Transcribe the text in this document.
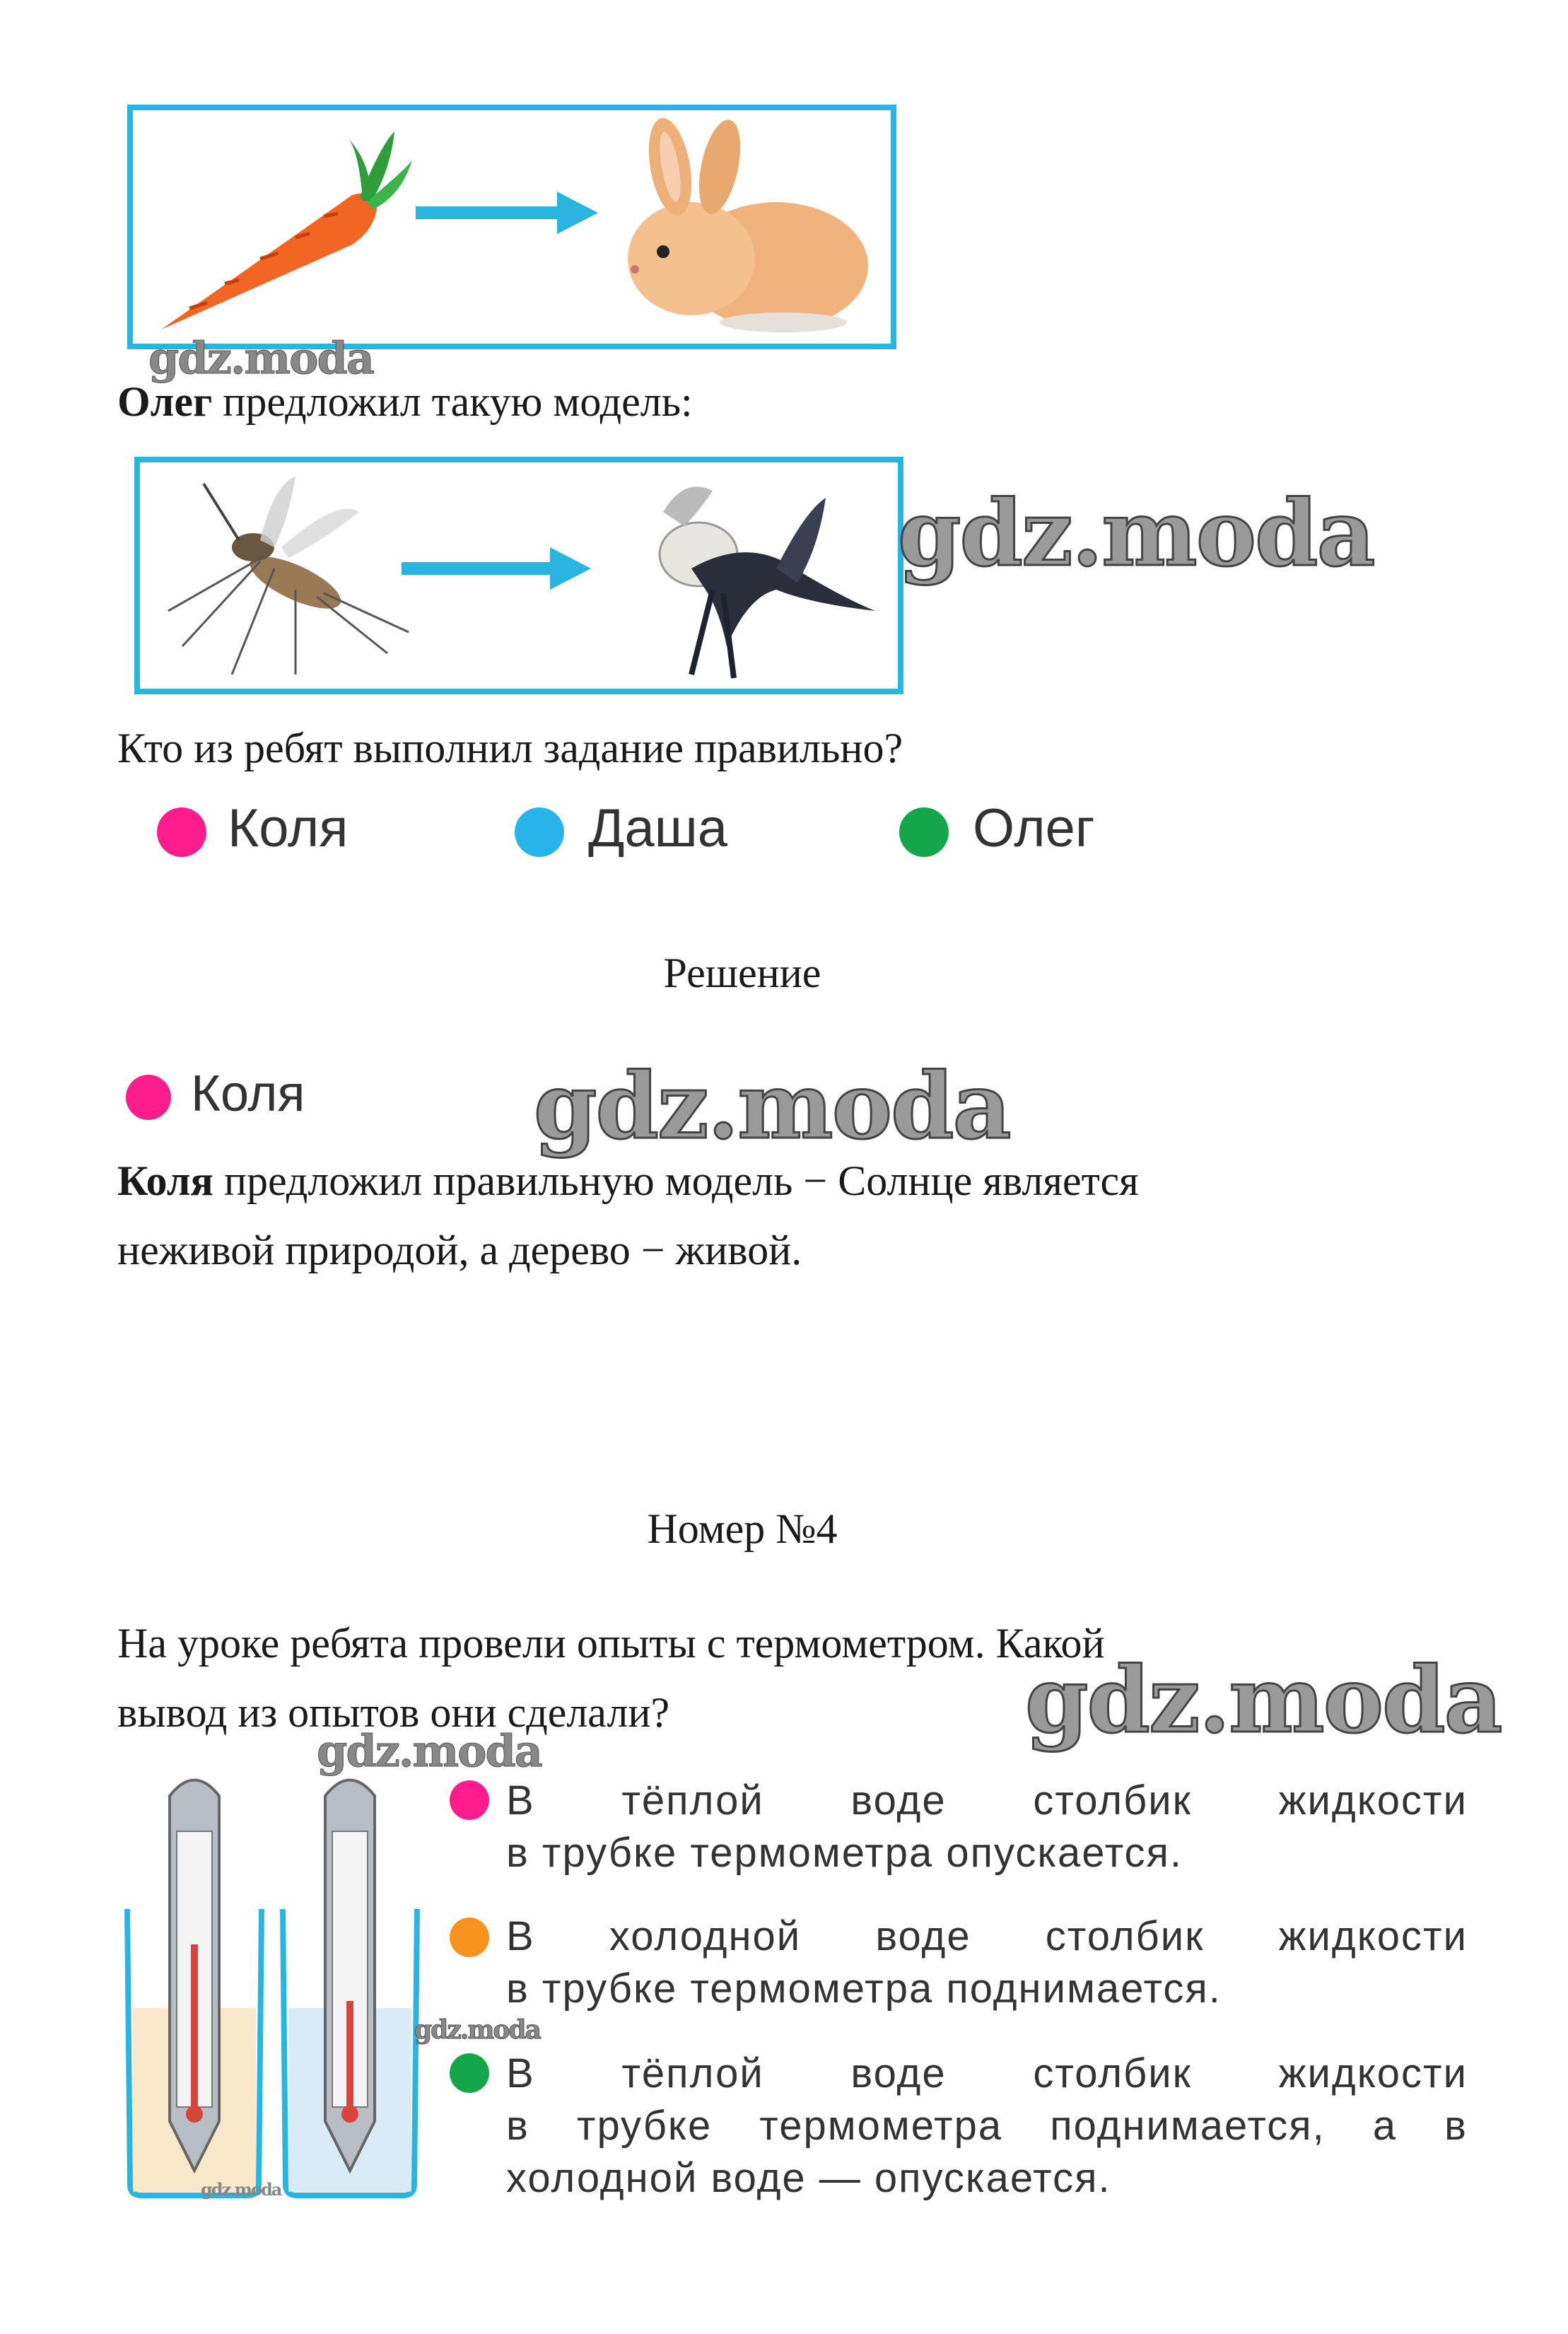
gdz.moda
Олег предложил такую модель:
gdz.moda
Кто из ребят выполнил задание правильно?
Коля	Даша	Олег
Решение
Коля	gdz.moda
Коля предложил правильную модель − Солнце является
неживой природой, а дерево − живой.
Номер №4
На уроке ребята провели опыты с термометром. Какой
вывод из опытов они сделали?	gdz.moda
gdz.moda
gdz.moda
gdz.moda
В тёплой воде столбик жидкости
в трубке термометра опускается.
В холодной воде столбик жидкости
в трубке термометра поднимается.
В тёплой воде столбик жидкости
в трубке термометра поднимается, а в
холодной воде — опускается.
